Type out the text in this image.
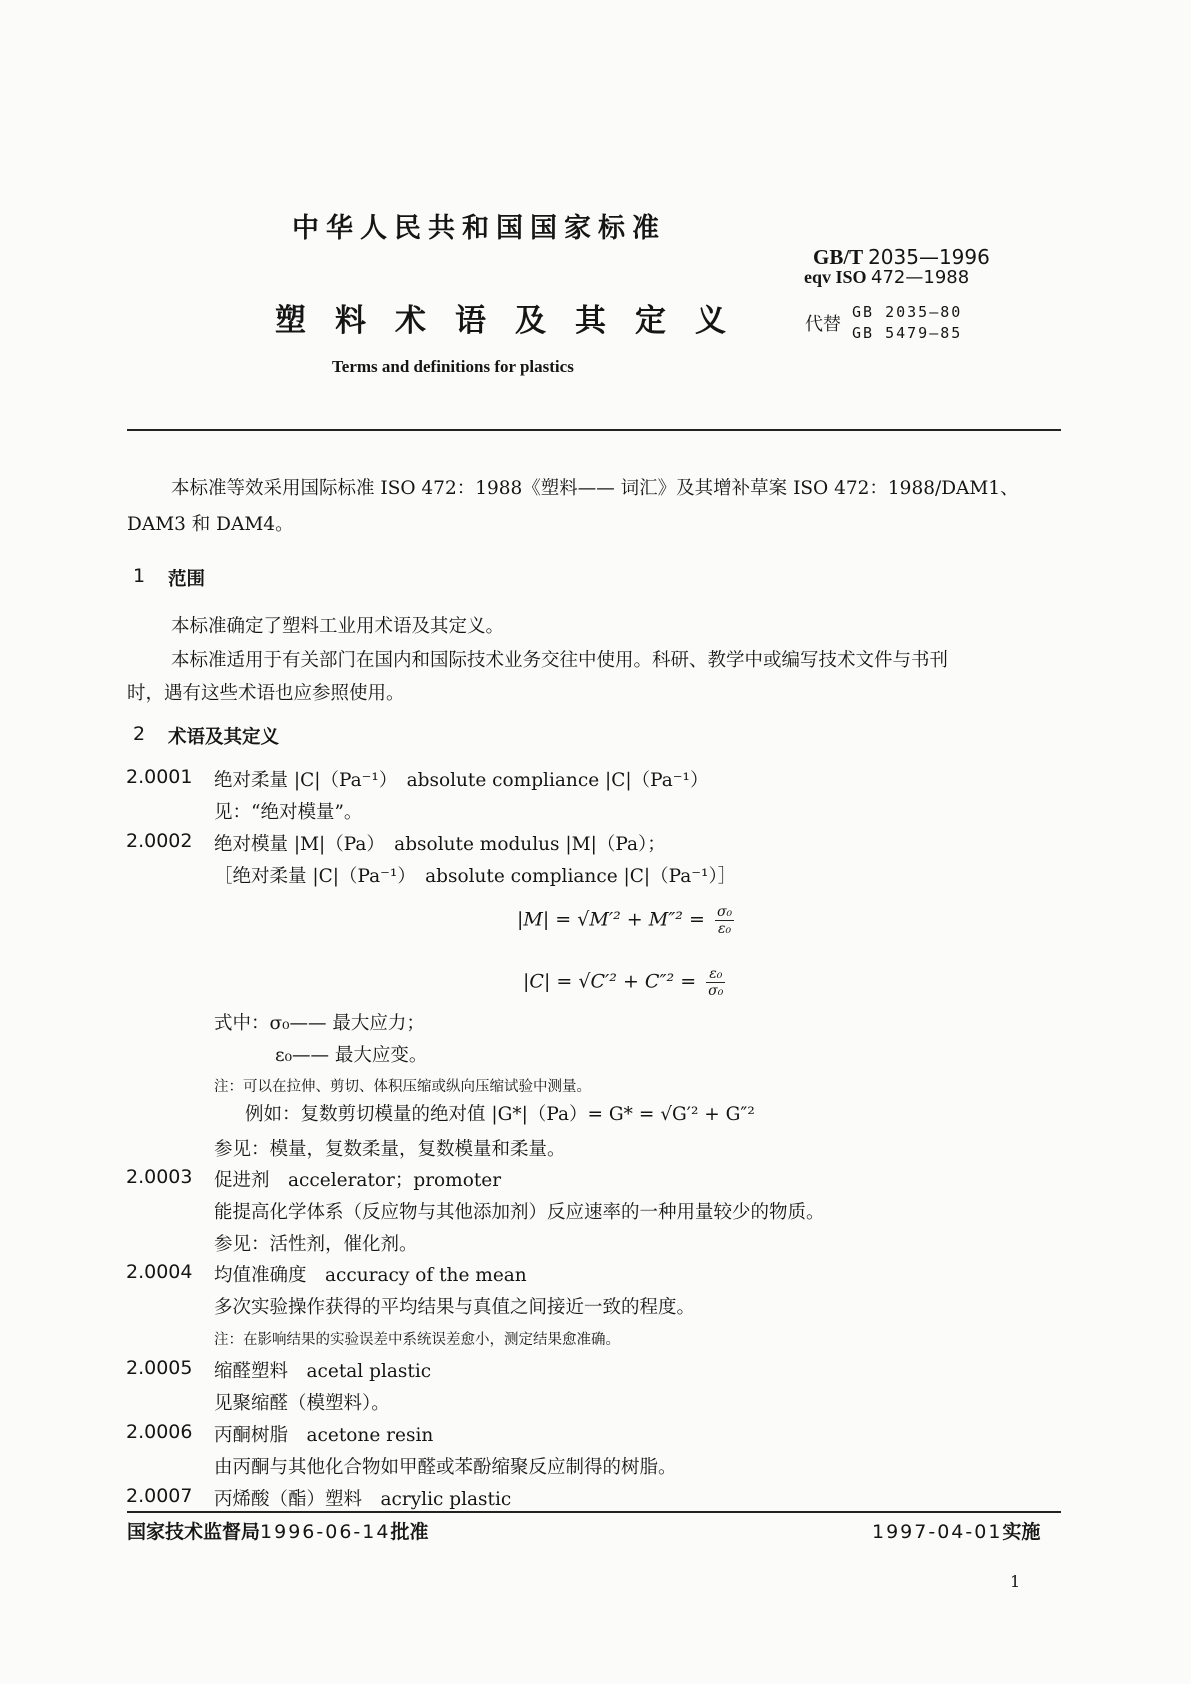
中华人民共和国国家标准
塑料术语及其定义
Terms and definitions for plastics
GB/T 2035—1996
eqv ISO 472—1988
代替
GB 2035—80
GB 5479—85
本标准等效采用国际标准 ISO 472：1988《塑料—— 词汇》及其增补草案 ISO 472：1988/DAM1、
DAM3 和 DAM4。
1 范围
本标准确定了塑料工业用术语及其定义。
本标准适用于有关部门在国内和国际技术业务交往中使用。科研、教学中或编写技术文件与书刊
时，遇有这些术语也应参照使用。
2 术语及其定义
2.0001 绝对柔量 |C|（Pa⁻¹）　absolute compliance |C|（Pa⁻¹）
见：“绝对模量”。
2.0002 绝对模量 |M|（Pa）　absolute modulus |M|（Pa）；
［绝对柔量 |C|（Pa⁻¹）　absolute compliance |C|（Pa⁻¹）］
$|M| = √M'^2 + M''^2 = \frac{\text{σ₀}}{\text{ε₀}}$
$|C| = √C'^2 + C''^2 = \frac{\text{ε₀}}{\text{σ₀}}$
式中：σ₀—— 最大应力；
ε₀—— 最大应变。
注：可以在拉伸、剪切、体积压缩或纵向压缩试验中测量。
例如：复数剪切模量的绝对值 |G*|（Pa）= G* = √G′² + G″²
参见：模量，复数柔量，复数模量和柔量。
2.0003 促进剂　accelerator；promoter
能提高化学体系（反应物与其他添加剂）反应速率的一种用量较少的物质。
参见：活性剂，催化剂。
2.0004 均值准确度　accuracy of the mean
多次实验操作获得的平均结果与真值之间接近一致的程度。
注：在影响结果的实验误差中系统误差愈小，测定结果愈准确。
2.0005 缩醛塑料　acetal plastic
见聚缩醛（模塑料）。
2.0006 丙酮树脂　acetone resin
由丙酮与其他化合物如甲醛或苯酚缩聚反应制得的树脂。
2.0007 丙烯酸（酯）塑料　acrylic plastic
国家技术监督局1996-06-14批准	1997-04-01实施
1
